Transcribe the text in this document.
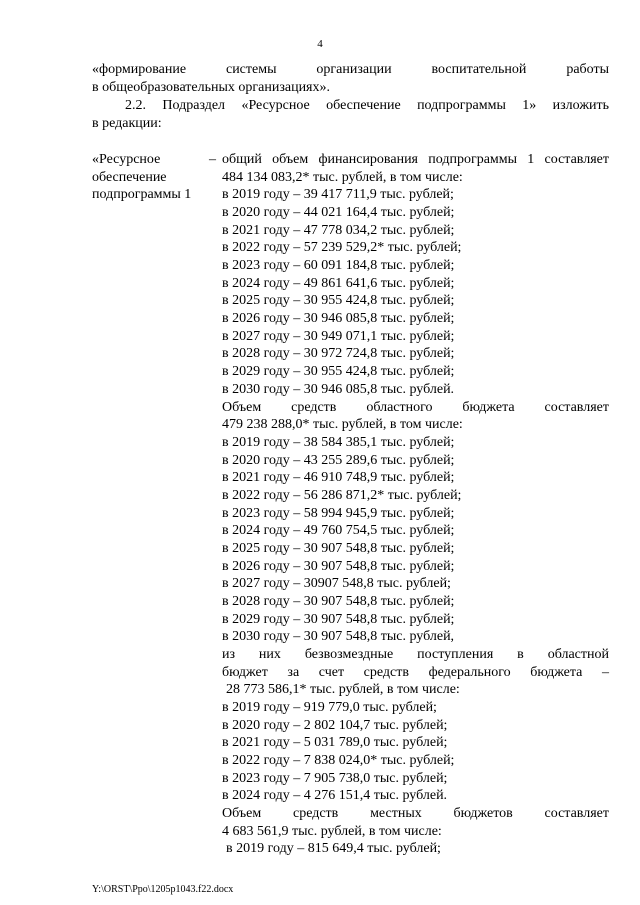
4
«формирование системы организации воспитательной работы
в общеобразовательных организациях».
2.2. Подраздел «Ресурсное обеспечение подпрограммы 1» изложить
в редакции:
«Ресурсное
обеспечение
подпрограммы 1
– общий объем финансирования подпрограммы 1 составляет
484 134 083,2* тыс. рублей, в том числе:
в 2019 году – 39 417 711,9 тыс. рублей;
в 2020 году – 44 021 164,4 тыс. рублей;
в 2021 году – 47 778 034,2 тыс. рублей;
в 2022 году – 57 239 529,2* тыс. рублей;
в 2023 году – 60 091 184,8 тыс. рублей;
в 2024 году – 49 861 641,6 тыс. рублей;
в 2025 году – 30 955 424,8 тыс. рублей;
в 2026 году – 30 946 085,8 тыс. рублей;
в 2027 году – 30 949 071,1 тыс. рублей;
в 2028 году – 30 972 724,8 тыс. рублей;
в 2029 году – 30 955 424,8 тыс. рублей;
в 2030 году – 30 946 085,8 тыс. рублей.
Объем средств областного бюджета составляет
479 238 288,0* тыс. рублей, в том числе:
в 2019 году – 38 584 385,1 тыс. рублей;
в 2020 году – 43 255 289,6 тыс. рублей;
в 2021 году – 46 910 748,9 тыс. рублей;
в 2022 году – 56 286 871,2* тыс. рублей;
в 2023 году – 58 994 945,9 тыс. рублей;
в 2024 году – 49 760 754,5 тыс. рублей;
в 2025 году – 30 907 548,8 тыс. рублей;
в 2026 году – 30 907 548,8 тыс. рублей;
в 2027 году – 30907 548,8 тыс. рублей;
в 2028 году – 30 907 548,8 тыс. рублей;
в 2029 году – 30 907 548,8 тыс. рублей;
в 2030 году – 30 907 548,8 тыс. рублей,
из них безвозмездные поступления в областной
бюджет за счет средств федерального бюджета –
28 773 586,1* тыс. рублей, в том числе:
в 2019 году – 919 779,0 тыс. рублей;
в 2020 году – 2 802 104,7 тыс. рублей;
в 2021 году – 5 031 789,0 тыс. рублей;
в 2022 году – 7 838 024,0* тыс. рублей;
в 2023 году – 7 905 738,0 тыс. рублей;
в 2024 году – 4 276 151,4 тыс. рублей.
Объем средств местных бюджетов составляет
4 683 561,9 тыс. рублей, в том числе:
в 2019 году – 815 649,4 тыс. рублей;
Y:\ORST\Ppo\1205p1043.f22.docx
